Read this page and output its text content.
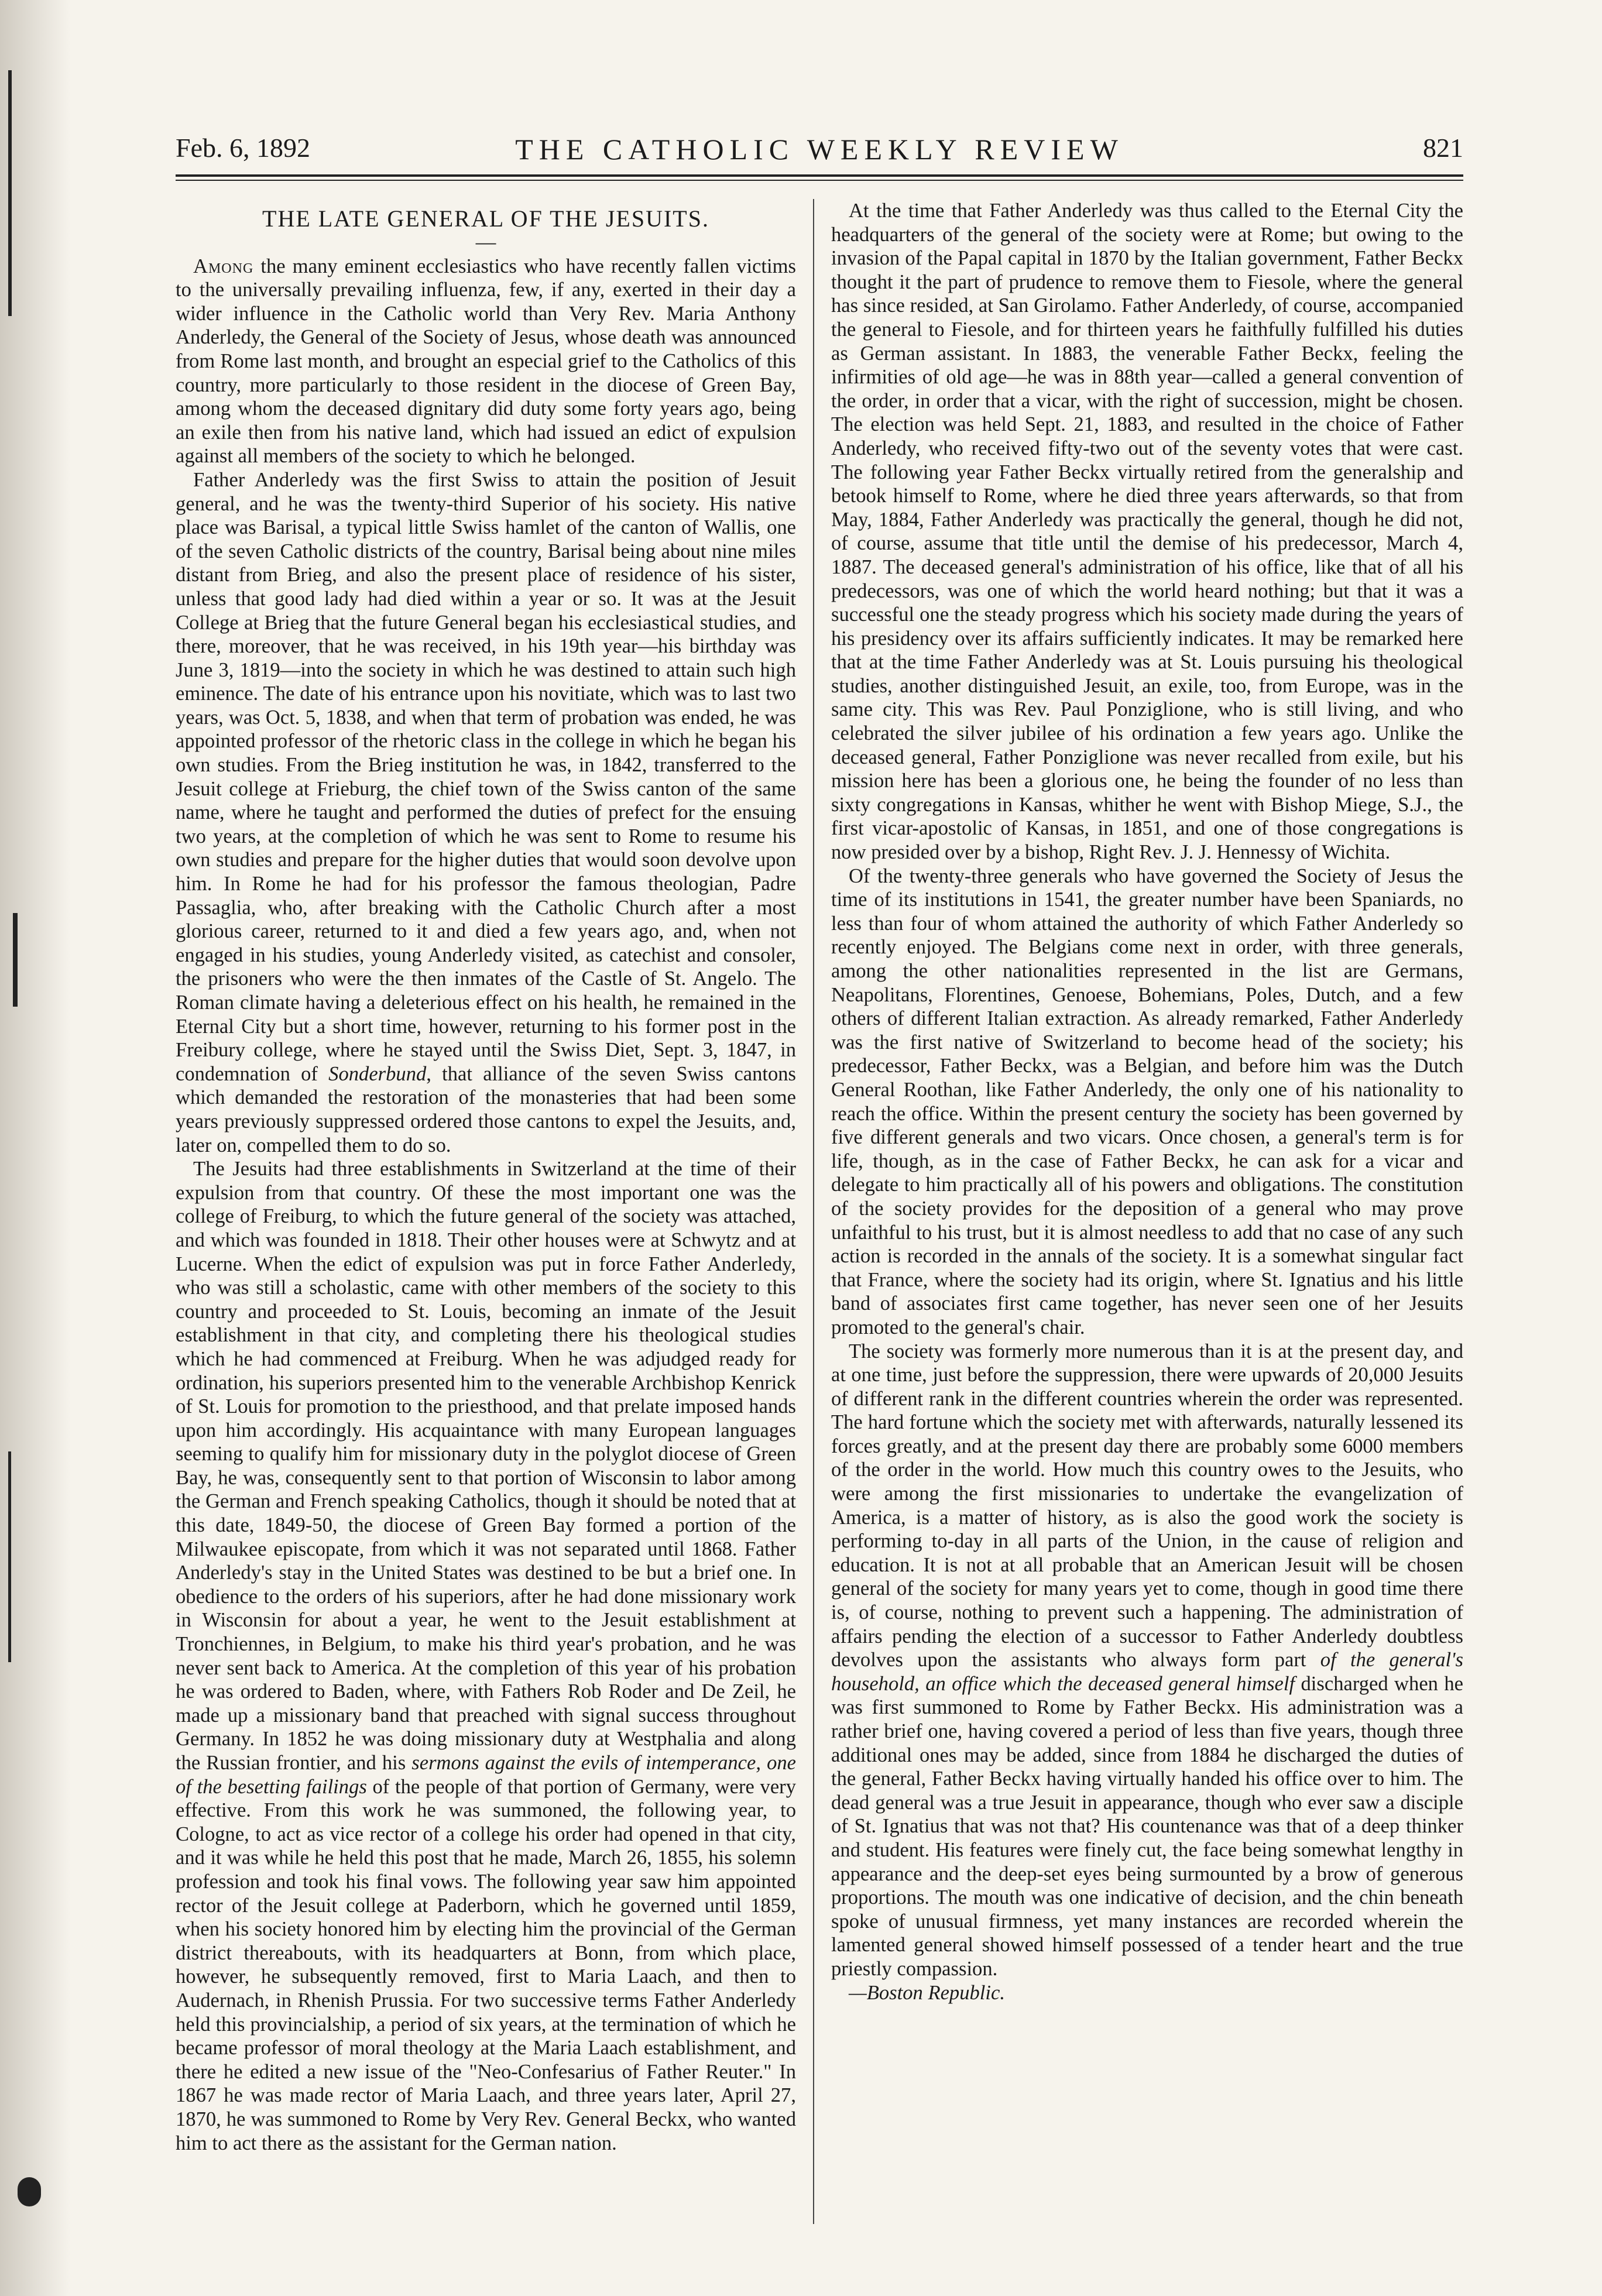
Feb. 6, 1892	THE CATHOLIC WEEKLY REVIEW	821
THE LATE GENERAL OF THE JESUITS.
—

Among the many eminent ecclesiastics who have recently fallen victims to the universally prevailing influenza, few, if any, exerted in their day a wider influence in the Catholic world than Very Rev. Maria Anthony Anderledy, the General of the Society of Jesus, whose death was announced from Rome last month, and brought an especial grief to the Catholics of this country, more particularly to those resident in the diocese of Green Bay, among whom the deceased dignitary did duty some forty years ago, being an exile then from his native land, which had issued an edict of expulsion against all members of the society to which he belonged.

Father Anderledy was the first Swiss to attain the position of Jesuit general, and he was the twenty-third Superior of his society. His native place was Barisal, a typical little Swiss hamlet of the canton of Wallis, one of the seven Catholic districts of the country, Barisal being about nine miles distant from Brieg, and also the present place of residence of his sister, unless that good lady had died within a year or so. It was at the Jesuit College at Brieg that the future General began his ecclesiastical studies, and there, moreover, that he was received, in his 19th year—his birthday was June 3, 1819—into the society in which he was destined to attain such high eminence. The date of his entrance upon his novitiate, which was to last two years, was Oct. 5, 1838, and when that term of probation was ended, he was appointed professor of the rhetoric class in the college in which he began his own studies. From the Brieg institution he was, in 1842, transferred to the Jesuit college at Frieburg, the chief town of the Swiss canton of the same name, where he taught and performed the duties of prefect for the ensuing two years, at the completion of which he was sent to Rome to resume his own studies and prepare for the higher duties that would soon devolve upon him. In Rome he had for his professor the famous theologian, Padre Passaglia, who, after breaking with the Catholic Church after a most glorious career, returned to it and died a few years ago, and, when not engaged in his studies, young Anderledy visited, as catechist and consoler, the prisoners who were the then inmates of the Castle of St. Angelo. The Roman climate having a deleterious effect on his health, he remained in the Eternal City but a short time, however, returning to his former post in the Freibury college, where he stayed until the Swiss Diet, Sept. 3, 1847, in condemnation of Sonderbund, that alliance of the seven Swiss cantons which demanded the restoration of the monasteries that had been some years previously suppressed ordered those cantons to expel the Jesuits, and, later on, compelled them to do so.

The Jesuits had three establishments in Switzerland at the time of their expulsion from that country. Of these the most important one was the college of Freiburg, to which the future general of the society was attached, and which was founded in 1818. Their other houses were at Schwytz and at Lucerne. When the edict of expulsion was put in force Father Anderledy, who was still a scholastic, came with other members of the society to this country and proceeded to St. Louis, becoming an inmate of the Jesuit establishment in that city, and completing there his theological studies which he had commenced at Freiburg. When he was adjudged ready for ordination, his superiors presented him to the venerable Archbishop Kenrick of St. Louis for promotion to the priesthood, and that prelate imposed hands upon him accordingly. His acquaintance with many European languages seeming to qualify him for missionary duty in the polyglot diocese of Green Bay, he was, consequently sent to that portion of Wisconsin to labor among the German and French speaking Catholics, though it should be noted that at this date, 1849-50, the diocese of Green Bay formed a portion of the Milwaukee episcopate, from which it was not separated until 1868. Father Anderledy's stay in the United States was destined to be but a brief one. In obedience to the orders of his superiors, after he had done missionary work in Wisconsin for about a year, he went to the Jesuit establishment at Tronchiennes, in Belgium, to make his third year's probation, and he was never sent back to America. At the completion of this year of his probation he was ordered to Baden, where, with Fathers Rob Roder and De Zeil, he made up a missionary band that preached with signal success throughout Germany. In 1852 he was doing missionary duty at Westphalia and along the Russian frontier, and his sermons against the evils of intemperance, one of the besetting failings of the people of that portion of Germany, were very effective. From this work he was summoned, the following year, to Cologne, to act as vice rector of a college his order had opened in that city, and it was while he held this post that he made, March 26, 1855, his solemn profession and took his final vows. The following year saw him appointed rector of the Jesuit college at Paderborn, which he governed until 1859, when his society honored him by electing him the provincial of the German district thereabouts, with its headquarters at Bonn, from which place, however, he subsequently removed, first to Maria Laach, and then to Audernach, in Rhenish Prussia. For two successive terms Father Anderledy held this provincialship, a period of six years, at the termination of which he became professor of moral theology at the Maria Laach establishment, and there he edited a new issue of the "Neo-Confesarius of Father Reuter." In 1867 he was made rector of Maria Laach, and three years later, April 27, 1870, he was summoned to Rome by Very Rev. General Beckx, who wanted him to act there as the assistant for the German nation.

At the time that Father Anderledy was thus called to the Eternal City the headquarters of the general of the society were at Rome; but owing to the invasion of the Papal capital in 1870 by the Italian government, Father Beckx thought it the part of prudence to remove them to Fiesole, where the general has since resided, at San Girolamo. Father Anderledy, of course, accompanied the general to Fiesole, and for thirteen years he faithfully fulfilled his duties as German assistant. In 1883, the venerable Father Beckx, feeling the infirmities of old age—he was in 88th year—called a general convention of the order, in order that a vicar, with the right of succession, might be chosen. The election was held Sept. 21, 1883, and resulted in the choice of Father Anderledy, who received fifty-two out of the seventy votes that were cast. The following year Father Beckx virtually retired from the generalship and betook himself to Rome, where he died three years afterwards, so that from May, 1884, Father Anderledy was practically the general, though he did not, of course, assume that title until the demise of his predecessor, March 4, 1887. The deceased general's administration of his office, like that of all his predecessors, was one of which the world heard nothing; but that it was a successful one the steady progress which his society made during the years of his presidency over its affairs sufficiently indicates. It may be remarked here that at the time Father Anderledy was at St. Louis pursuing his theological studies, another distinguished Jesuit, an exile, too, from Europe, was in the same city. This was Rev. Paul Ponziglione, who is still living, and who celebrated the silver jubilee of his ordination a few years ago. Unlike the deceased general, Father Ponziglione was never recalled from exile, but his mission here has been a glorious one, he being the founder of no less than sixty congregations in Kansas, whither he went with Bishop Miege, S.J., the first vicar-apostolic of Kansas, in 1851, and one of those congregations is now presided over by a bishop, Right Rev. J. J. Hennessy of Wichita.

Of the twenty-three generals who have governed the Society of Jesus the time of its institutions in 1541, the greater number have been Spaniards, no less than four of whom attained the authority of which Father Anderledy so recently enjoyed. The Belgians come next in order, with three generals, among the other nationalities represented in the list are Germans, Neapolitans, Florentines, Genoese, Bohemians, Poles, Dutch, and a few others of different Italian extraction. As already remarked, Father Anderledy was the first native of Switzerland to become head of the society; his predecessor, Father Beckx, was a Belgian, and before him was the Dutch General Roothan, like Father Anderledy, the only one of his nationality to reach the office. Within the present century the society has been governed by five different generals and two vicars. Once chosen, a general's term is for life, though, as in the case of Father Beckx, he can ask for a vicar and delegate to him practically all of his powers and obligations. The constitution of the society provides for the deposition of a general who may prove unfaithful to his trust, but it is almost needless to add that no case of any such action is recorded in the annals of the society. It is a somewhat singular fact that France, where the society had its origin, where St. Ignatius and his little band of associates first came together, has never seen one of her Jesuits promoted to the general's chair.

The society was formerly more numerous than it is at the present day, and at one time, just before the suppression, there were upwards of 20,000 Jesuits of different rank in the different countries wherein the order was represented. The hard fortune which the society met with afterwards, naturally lessened its forces greatly, and at the present day there are probably some 6000 members of the order in the world. How much this country owes to the Jesuits, who were among the first missionaries to undertake the evangelization of America, is a matter of history, as is also the good work the society is performing to-day in all parts of the Union, in the cause of religion and education. It is not at all probable that an American Jesuit will be chosen general of the society for many years yet to come, though in good time there is, of course, nothing to prevent such a happening. The administration of affairs pending the election of a successor to Father Anderledy doubtless devolves upon the assistants who always form part of the general's household, an office which the deceased general himself discharged when he was first summoned to Rome by Father Beckx. His administration was a rather brief one, having covered a period of less than five years, though three additional ones may be added, since from 1884 he discharged the duties of the general, Father Beckx having virtually handed his office over to him. The dead general was a true Jesuit in appearance, though who ever saw a disciple of St. Ignatius that was not that? His countenance was that of a deep thinker and student. His features were finely cut, the face being somewhat lengthy in appearance and the deep-set eyes being surmounted by a brow of generous proportions. The mouth was one indicative of decision, and the chin beneath spoke of unusual firmness, yet many instances are recorded wherein the lamented general showed himself possessed of a tender heart and the true priestly compassion.

—Boston Republic.
